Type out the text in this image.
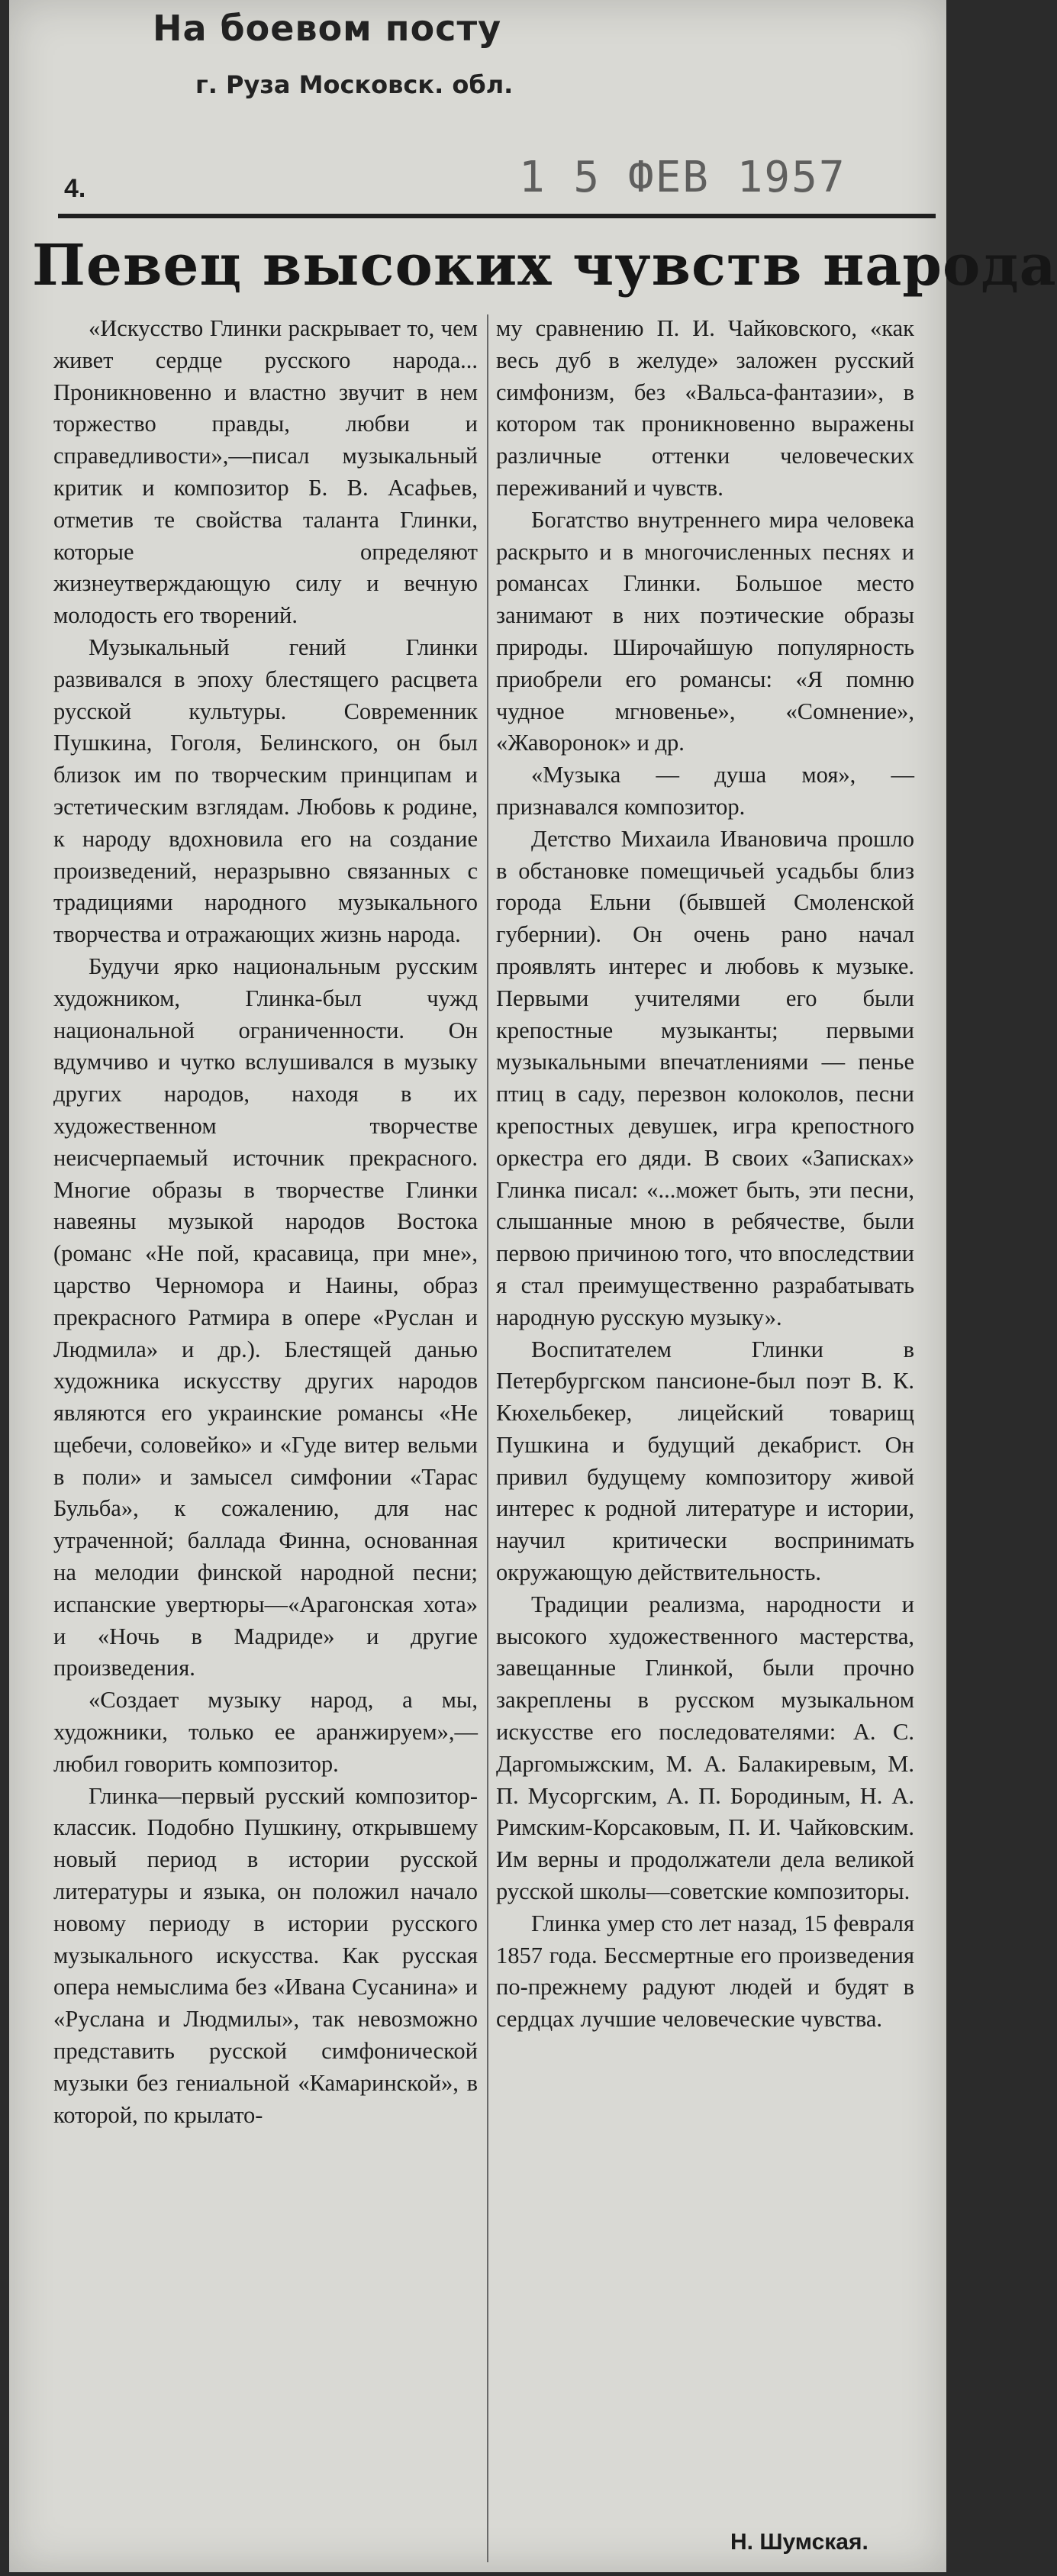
На боевом посту
г. Руза Московск. обл.
4.	1 5 ФЕВ 1957
Певец высоких чувств народа

«Искусство Глинки раскрывает то, чем живет сердце русского народа... Проникновенно и властно звучит в нем торжество правды, любви и справедливости»,—писал музыкальный критик и композитор Б. В. Асафьев, отметив те свойства таланта Глинки, которые определяют жизнеутверждающую силу и вечную молодость его творений.

Музыкальный гений Глинки развивался в эпоху блестящего расцвета русской культуры. Современник Пушкина, Гоголя, Белинского, он был близок им по творческим принципам и эстетическим взглядам. Любовь к родине, к народу вдохновила его на создание произведений, неразрывно связанных с традициями народного музыкального творчества и отражающих жизнь народа.

Будучи ярко национальным русским художником, Глинка-был чужд национальной ограниченности. Он вдумчиво и чутко вслушивался в музыку других народов, находя в их художественном творчестве неисчерпаемый источник прекрасного. Многие образы в творчестве Глинки навеяны музыкой народов Востока (романс «Не пой, красавица, при мне», царство Черномора и Наины, образ прекрасного Ратмира в опере «Руслан и Людмила» и др.). Блестящей данью художника искусству других народов являются его украинские романсы «Не щебечи, соловейко» и «Гуде витер вельми в поли» и замысел симфонии «Тарас Бульба», к сожалению, для нас утраченной; баллада Финна, основанная на мелодии финской народной песни; испанские увертюры—«Арагонская хота» и «Ночь в Мадриде» и другие произведения.

«Создает музыку народ, а мы, художники, только ее аранжируем»,—любил говорить композитор.

Глинка—первый русский композитор-классик. Подобно Пушкину, открывшему новый период в истории русской литературы и языка, он положил начало новому периоду в истории русского музыкального искусства. Как русская опера немыслима без «Ивана Сусанина» и «Руслана и Людмилы», так невозможно представить русской симфонической музыки без гениальной «Камаринской», в которой, по крылато-

му сравнению П. И. Чайковского, «как весь дуб в желуде» заложен русский симфонизм, без «Вальса-фантазии», в котором так проникновенно выражены различные оттенки человеческих переживаний и чувств.

Богатство внутреннего мира человека раскрыто и в многочисленных песнях и романсах Глинки. Большое место занимают в них поэтические образы природы. Широчайшую популярность приобрели его романсы: «Я помню чудное мгновенье», «Сомнение», «Жаворонок» и др.

«Музыка — душа моя», — признавался композитор.

Детство Михаила Ивановича прошло в обстановке помещичьей усадьбы близ города Ельни (бывшей Смоленской губернии). Он очень рано начал проявлять интерес и любовь к музыке. Первыми учителями его были крепостные музыканты; первыми музыкальными впечатлениями — пенье птиц в саду, перезвон колоколов, песни крепостных девушек, игра крепостного оркестра его дяди. В своих «Записках» Глинка писал: «...может быть, эти песни, слышанные мною в ребячестве, были первою причиною того, что впоследствии я стал преимущественно разрабатывать народную русскую музыку».

Воспитателем Глинки в Петербургском пансионе-был поэт В. К. Кюхельбекер, лицейский товарищ Пушкина и будущий декабрист. Он привил будущему композитору живой интерес к родной литературе и истории, научил критически воспринимать окружающую действительность.

Традиции реализма, народности и высокого художественного мастерства, завещанные Глинкой, были прочно закреплены в русском музыкальном искусстве его последователями: А. С. Даргомыжским, М. А. Балакиревым, М. П. Мусоргским, А. П. Бородиным, Н. А. Римским-Корсаковым, П. И. Чайковским. Им верны и продолжатели дела великой русской школы—советские композиторы.

Глинка умер сто лет назад, 15 февраля 1857 года. Бессмертные его произведения по-прежнему радуют людей и будят в сердцах лучшие человеческие чувства.

Н. Шумская.
